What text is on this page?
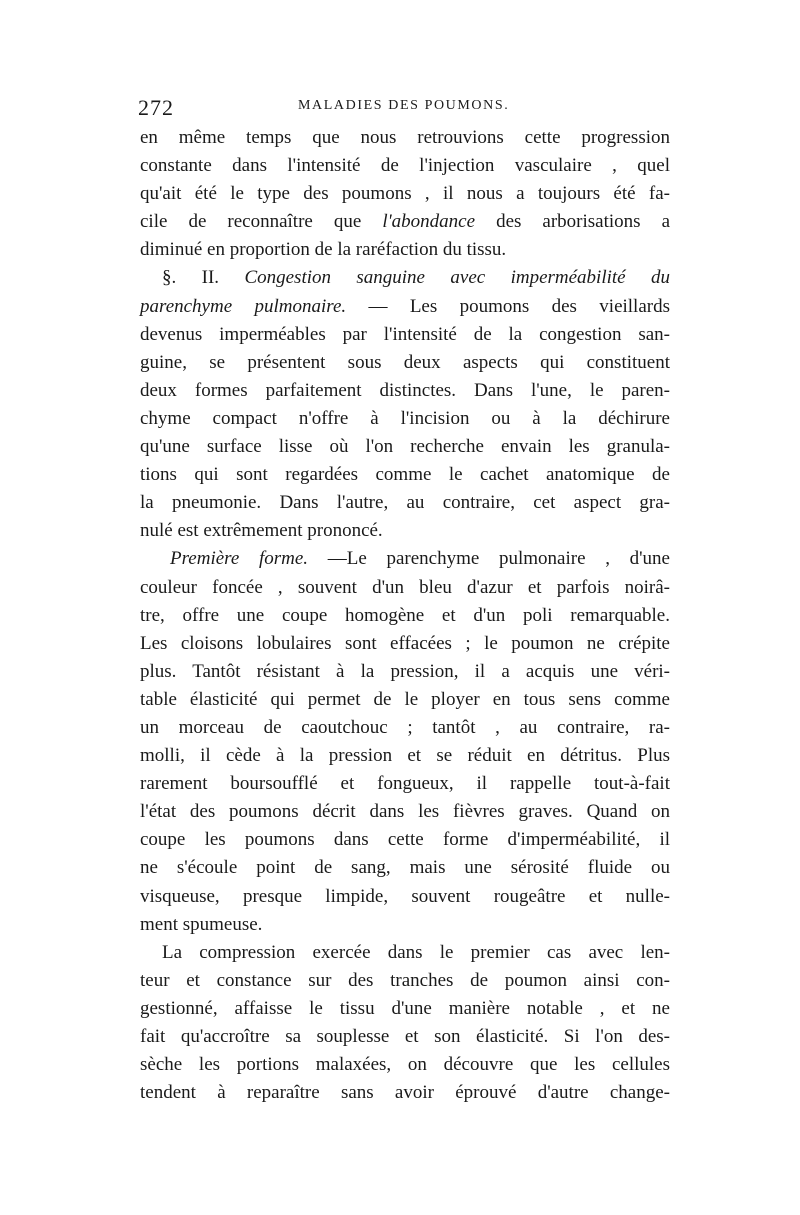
272	MALADIES DES POUMONS.
en même temps que nous retrouvions cette progression
constante dans l'intensité de l'injection vasculaire , quel
qu'ait été le type des poumons , il nous a toujours été fa-
cile de reconnaître que l'abondance des arborisations a
diminué en proportion de la raréfaction du tissu.
§. II. Congestion sanguine avec imperméabilité du
parenchyme pulmonaire. — Les poumons des vieillards
devenus imperméables par l'intensité de la congestion san-
guine, se présentent sous deux aspects qui constituent
deux formes parfaitement distinctes. Dans l'une, le paren-
chyme compact n'offre à l'incision ou à la déchirure
qu'une surface lisse où l'on recherche envain les granula-
tions qui sont regardées comme le cachet anatomique de
la pneumonie. Dans l'autre, au contraire, cet aspect gra-
nulé est extrêmement prononcé.
Première forme. —Le parenchyme pulmonaire , d'une
couleur foncée , souvent d'un bleu d'azur et parfois noirâ-
tre, offre une coupe homogène et d'un poli remarquable.
Les cloisons lobulaires sont effacées ; le poumon ne crépite
plus. Tantôt résistant à la pression, il a acquis une véri-
table élasticité qui permet de le ployer en tous sens comme
un morceau de caoutchouc ; tantôt , au contraire, ra-
molli, il cède à la pression et se réduit en détritus. Plus
rarement boursoufflé et fongueux, il rappelle tout-à-fait
l'état des poumons décrit dans les fièvres graves. Quand on
coupe les poumons dans cette forme d'imperméabilité, il
ne s'écoule point de sang, mais une sérosité fluide ou
visqueuse, presque limpide, souvent rougeâtre et nulle-
ment spumeuse.
La compression exercée dans le premier cas avec len-
teur et constance sur des tranches de poumon ainsi con-
gestionné, affaisse le tissu d'une manière notable , et ne
fait qu'accroître sa souplesse et son élasticité. Si l'on des-
sèche les portions malaxées, on découvre que les cellules
tendent à reparaître sans avoir éprouvé d'autre change-
